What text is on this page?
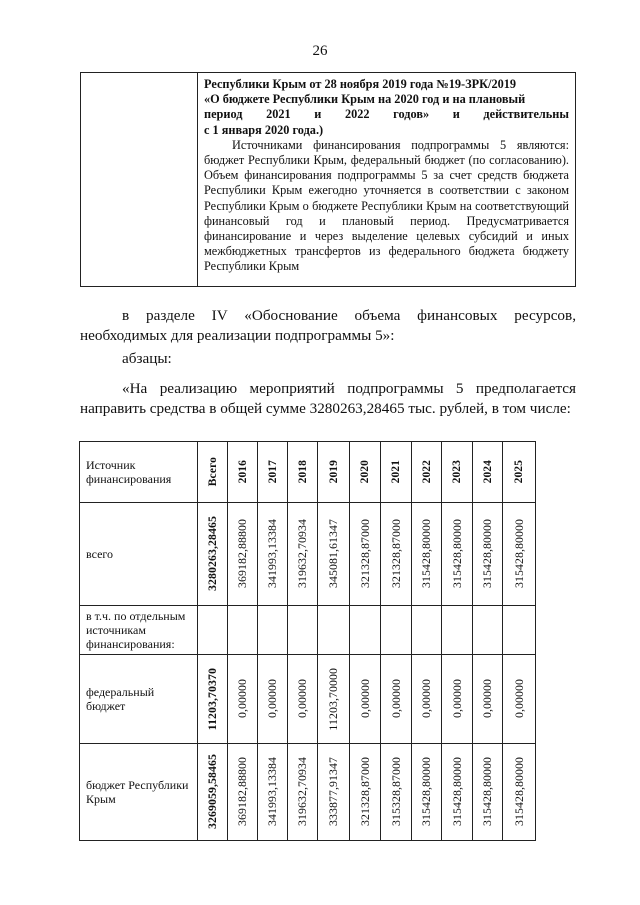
26

Республики Крым от 28 ноября 2019 года №19-ЗРК/2019

«О бюджете Республики Крым на 2020 год и на плановый

период 2021 и 2022 годов» и действительны

с 1 января 2020 года.)

Источниками финансирования подпрограммы 5 являются: бюджет Республики Крым, федеральный бюджет (по согласованию). Объем финансирования подпрограммы 5 за счет средств бюджета Республики Крым ежегодно уточняется в соответствии с законом Республики Крым о бюджете Республики Крым на соответствующий финансовый год и плановый период. Предусматривается финансирование и через выделение целевых субсидий и иных межбюджетных трансфертов из федерального бюджета бюджету Республики Крым

в разделе IV «Обоснование объема финансовых ресурсов, необходимых для реализации подпрограммы 5»:
абзацы:
«На реализацию мероприятий подпрограммы 5 предполагается направить средства в общей сумме 3280263,28465 тыс. рублей, в том числе:
Источник финансирования	Всего	2016	2017	2018	2019	2020	2021	2022	2023	2024	2025

всего	3280263,28465	369182,88800	341993,13384	319632,70934	345081,61347	321328,87000	321328,87000	315428,80000	315428,80000	315428,80000	315428,80000

в т.ч. по отдельным источникам финансирования:											
федеральный бюджет	11203,70370	0,00000	0,00000	0,00000	11203,70000	0,00000	0,00000	0,00000	0,00000	0,00000	0,00000

бюджет Республики Крым	3269059,58465	369182,88800	341993,13384	319632,70934	333877,91347	321328,87000	315328,87000	315428,80000	315428,80000	315428,80000	315428,80000
